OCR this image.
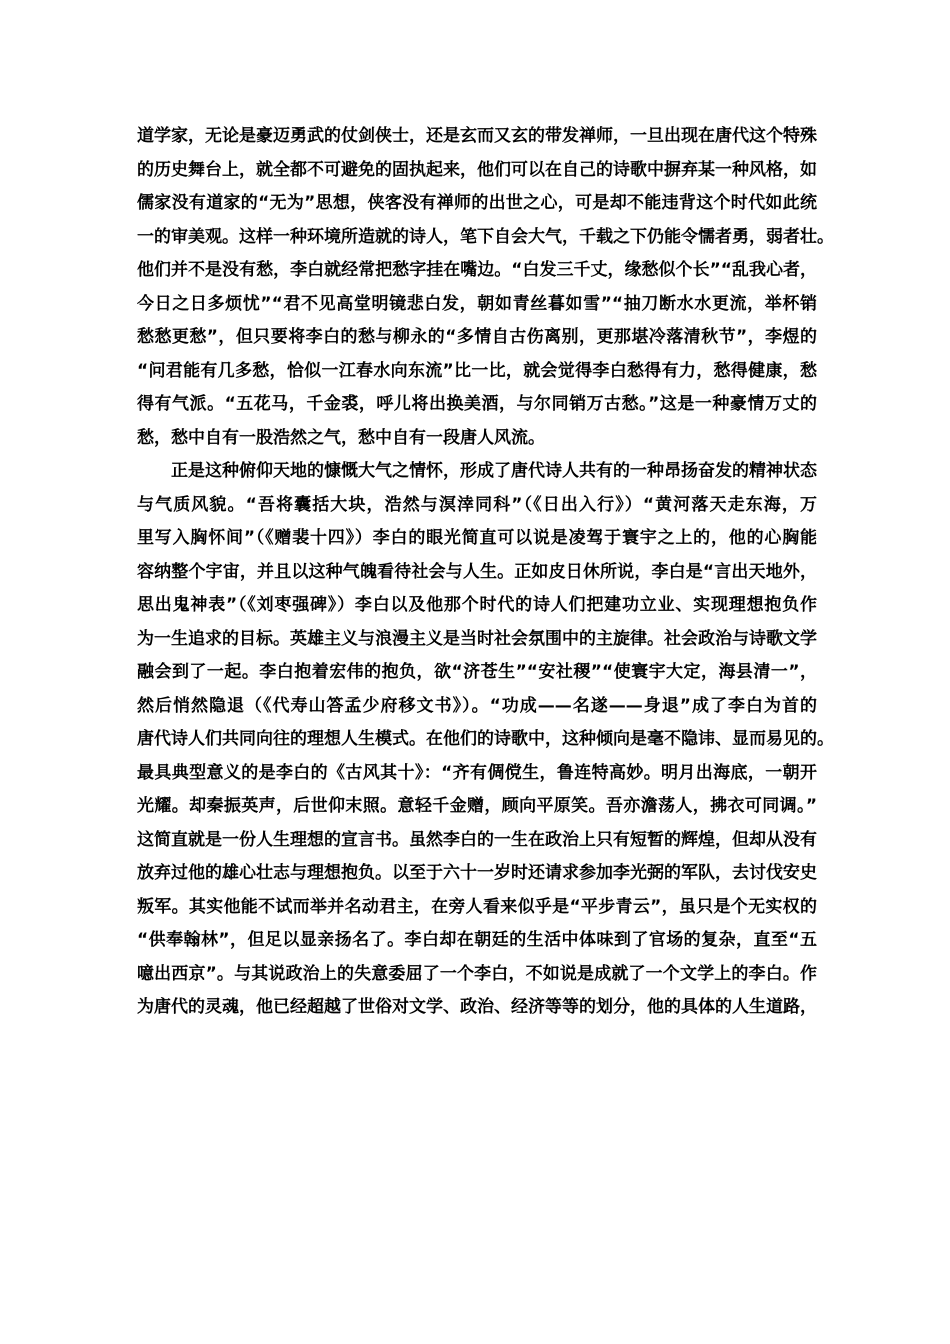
道学家，无论是豪迈勇武的仗剑侠士，还是玄而又玄的带发禅师，一旦出现在唐代这个特殊
的历史舞台上，就全都不可避免的固执起来，他们可以在自己的诗歌中摒弃某一种风格，如
儒家没有道家的“无为”思想，侠客没有禅师的出世之心，可是却不能违背这个时代如此统
一的审美观。这样一种环境所造就的诗人，笔下自会大气，千载之下仍能令懦者勇，弱者壮。
他们并不是没有愁，李白就经常把愁字挂在嘴边。“白发三千丈，缘愁似个长”“乱我心者，
今日之日多烦忧”“君不见高堂明镜悲白发，朝如青丝暮如雪”“抽刀断水水更流，举杯销
愁愁更愁”，但只要将李白的愁与柳永的“多情自古伤离别，更那堪冷落清秋节”，李煜的
“问君能有几多愁，恰似一江春水向东流”比一比，就会觉得李白愁得有力，愁得健康，愁
得有气派。“五花马，千金裘，呼儿将出换美酒，与尔同销万古愁。”这是一种豪情万丈的
愁，愁中自有一股浩然之气，愁中自有一段唐人风流。
正是这种俯仰天地的慷慨大气之情怀，形成了唐代诗人共有的一种昂扬奋发的精神状态
与气质风貌。“吾将囊括大块，浩然与溟涬同科”（《日出入行》）“黄河落天走东海，万
里写入胸怀间”（《赠裴十四》）李白的眼光简直可以说是凌驾于寰宇之上的，他的心胸能
容纳整个宇宙，并且以这种气魄看待社会与人生。正如皮日休所说，李白是“言出天地外，
思出鬼神表”（《刘枣强碑》）李白以及他那个时代的诗人们把建功立业、实现理想抱负作
为一生追求的目标。英雄主义与浪漫主义是当时社会氛围中的主旋律。社会政治与诗歌文学
融会到了一起。李白抱着宏伟的抱负，欲“济苍生”“安社稷”“使寰宇大定，海县清一”，
然后悄然隐退（《代寿山答孟少府移文书》）。“功成——名遂——身退”成了李白为首的
唐代诗人们共同向往的理想人生模式。在他们的诗歌中，这种倾向是毫不隐讳、显而易见的。
最具典型意义的是李白的《古风其十》：“齐有倜傥生，鲁连特高妙。明月出海底，一朝开
光耀。却秦振英声，后世仰末照。意轻千金赠，顾向平原笑。吾亦澹荡人，拂衣可同调。”
这简直就是一份人生理想的宣言书。虽然李白的一生在政治上只有短暂的辉煌，但却从没有
放弃过他的雄心壮志与理想抱负。以至于六十一岁时还请求参加李光弼的军队，去讨伐安史
叛军。其实他能不试而举并名动君主，在旁人看来似乎是“平步青云”，虽只是个无实权的
“供奉翰林”，但足以显亲扬名了。李白却在朝廷的生活中体味到了官场的复杂，直至“五
噫出西京”。与其说政治上的失意委屈了一个李白，不如说是成就了一个文学上的李白。作
为唐代的灵魂，他已经超越了世俗对文学、政治、经济等等的划分，他的具体的人生道路，
